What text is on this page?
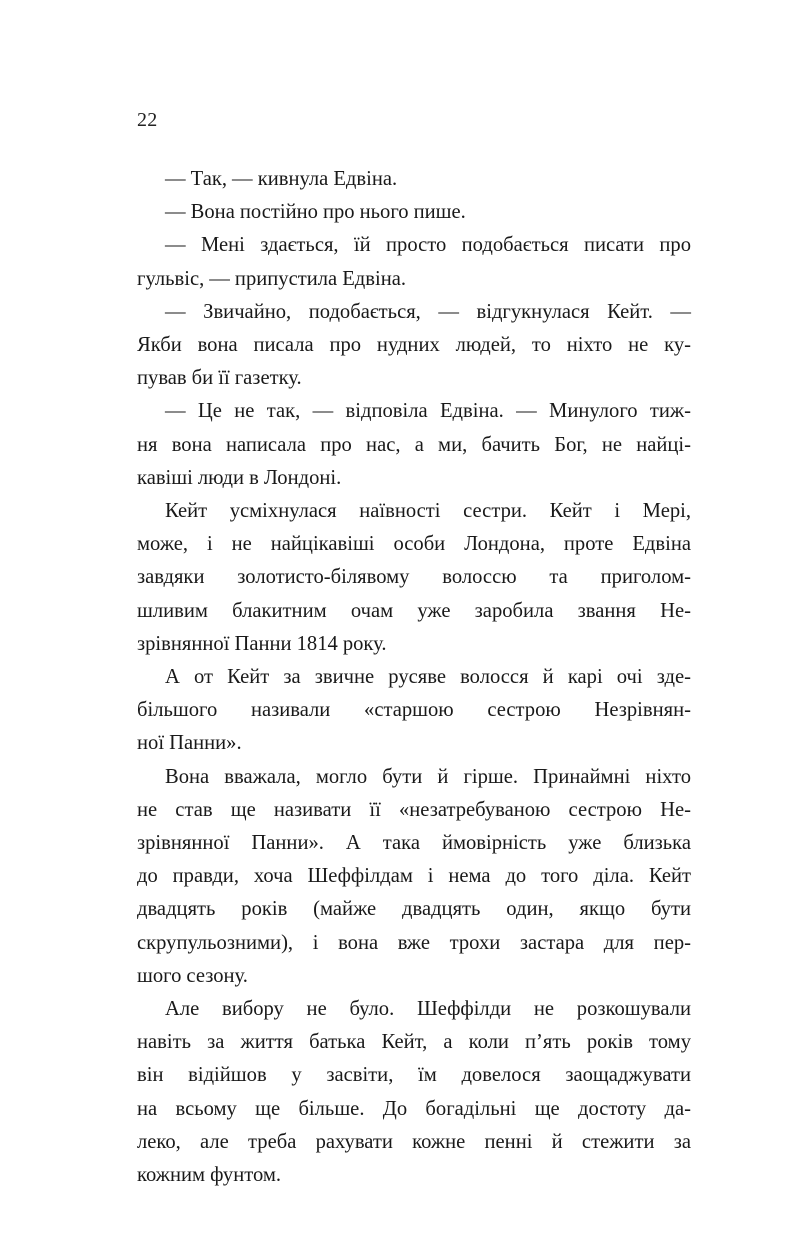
22

— Так, — кивнула Едвіна.

— Вона постійно про нього пише.

— Мені здається, їй просто подобається писати про
гульвіс, — припустила Едвіна.

— Звичайно, подобається, — відгукнулася Кейт. —
Якби вона писала про нудних людей, то ніхто не ку-
пував би її газетку.

— Це не так, — відповіла Едвіна. — Минулого тиж-
ня вона написала про нас, а ми, бачить Бог, не найці-
кавіші люди в Лондоні.

Кейт усміхнулася наївності сестри. Кейт і Мері,
може, і не найцікавіші особи Лондона, проте Едвіна
завдяки золотисто-білявому волоссю та приголом-
шливим блакитним очам уже заробила звання Не-
зрівнянної Панни 1814 року.

А от Кейт за звичне русяве волосся й карі очі зде-
більшого називали «старшою сестрою Незрівнян-
ної Панни».

Вона вважала, могло бути й гірше. Принаймні ніхто
не став ще називати її «незатребуваною сестрою Не-
зрівнянної Панни». А така ймовірність уже близька
до правди, хоча Шеффілдам і нема до того діла. Кейт
двадцять років (майже двадцять один, якщо бути
скрупульозними), і вона вже трохи застара для пер-
шого сезону.

Але вибору не було. Шеффілди не розкошували
навіть за життя батька Кейт, а коли п’ять років тому
він відійшов у засвіти, їм довелося заощаджувати
на всьому ще більше. До богадільні ще достоту да-
леко, але треба рахувати кожне пенні й стежити за
кожним фунтом.
